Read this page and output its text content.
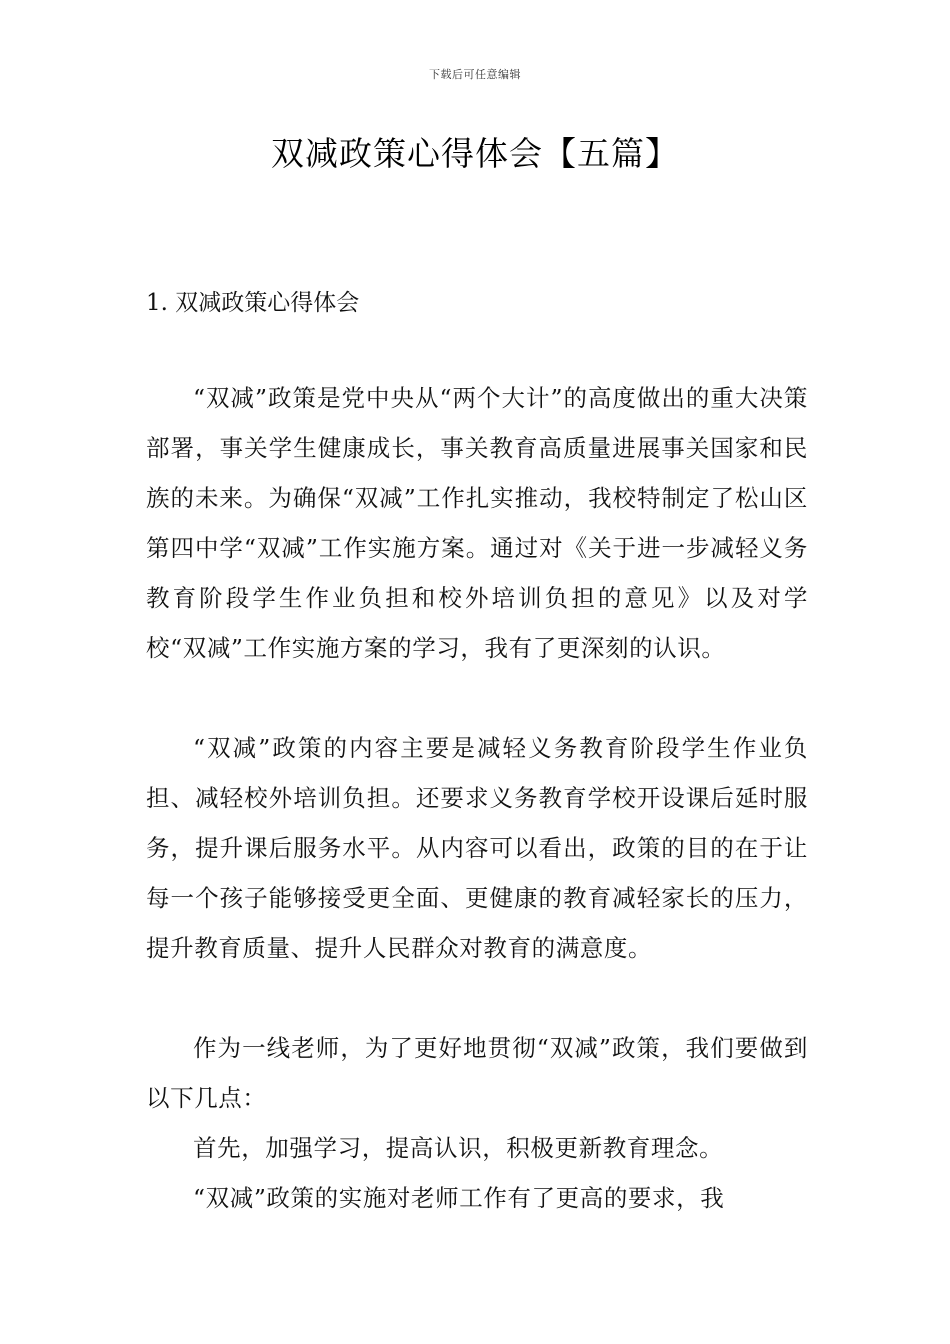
下载后可任意编辑
双减政策心得体会【五篇】
1. 双减政策心得体会

“双减”政策是党中央从“两个大计”的高度做出的重大决策部署，事关学生健康成长，事关教育高质量进展事关国家和民族的未来。为确保“双减”工作扎实推动，我校特制定了松山区第四中学“双减”工作实施方案。通过对《关于进一步减轻义务教育阶段学生作业负担和校外培训负担的意见》以及对学校“双减”工作实施方案的学习，我有了更深刻的认识。

“双减”政策的内容主要是减轻义务教育阶段学生作业负担、减轻校外培训负担。还要求义务教育学校开设课后延时服务，提升课后服务水平。从内容可以看出，政策的目的在于让每一个孩子能够接受更全面、更健康的教育减轻家长的压力，提升教育质量、提升人民群众对教育的满意度。

作为一线老师，为了更好地贯彻“双减”政策，我们要做到以下几点：

首先，加强学习，提高认识，积极更新教育理念。

“双减”政策的实施对老师工作有了更高的要求，我
